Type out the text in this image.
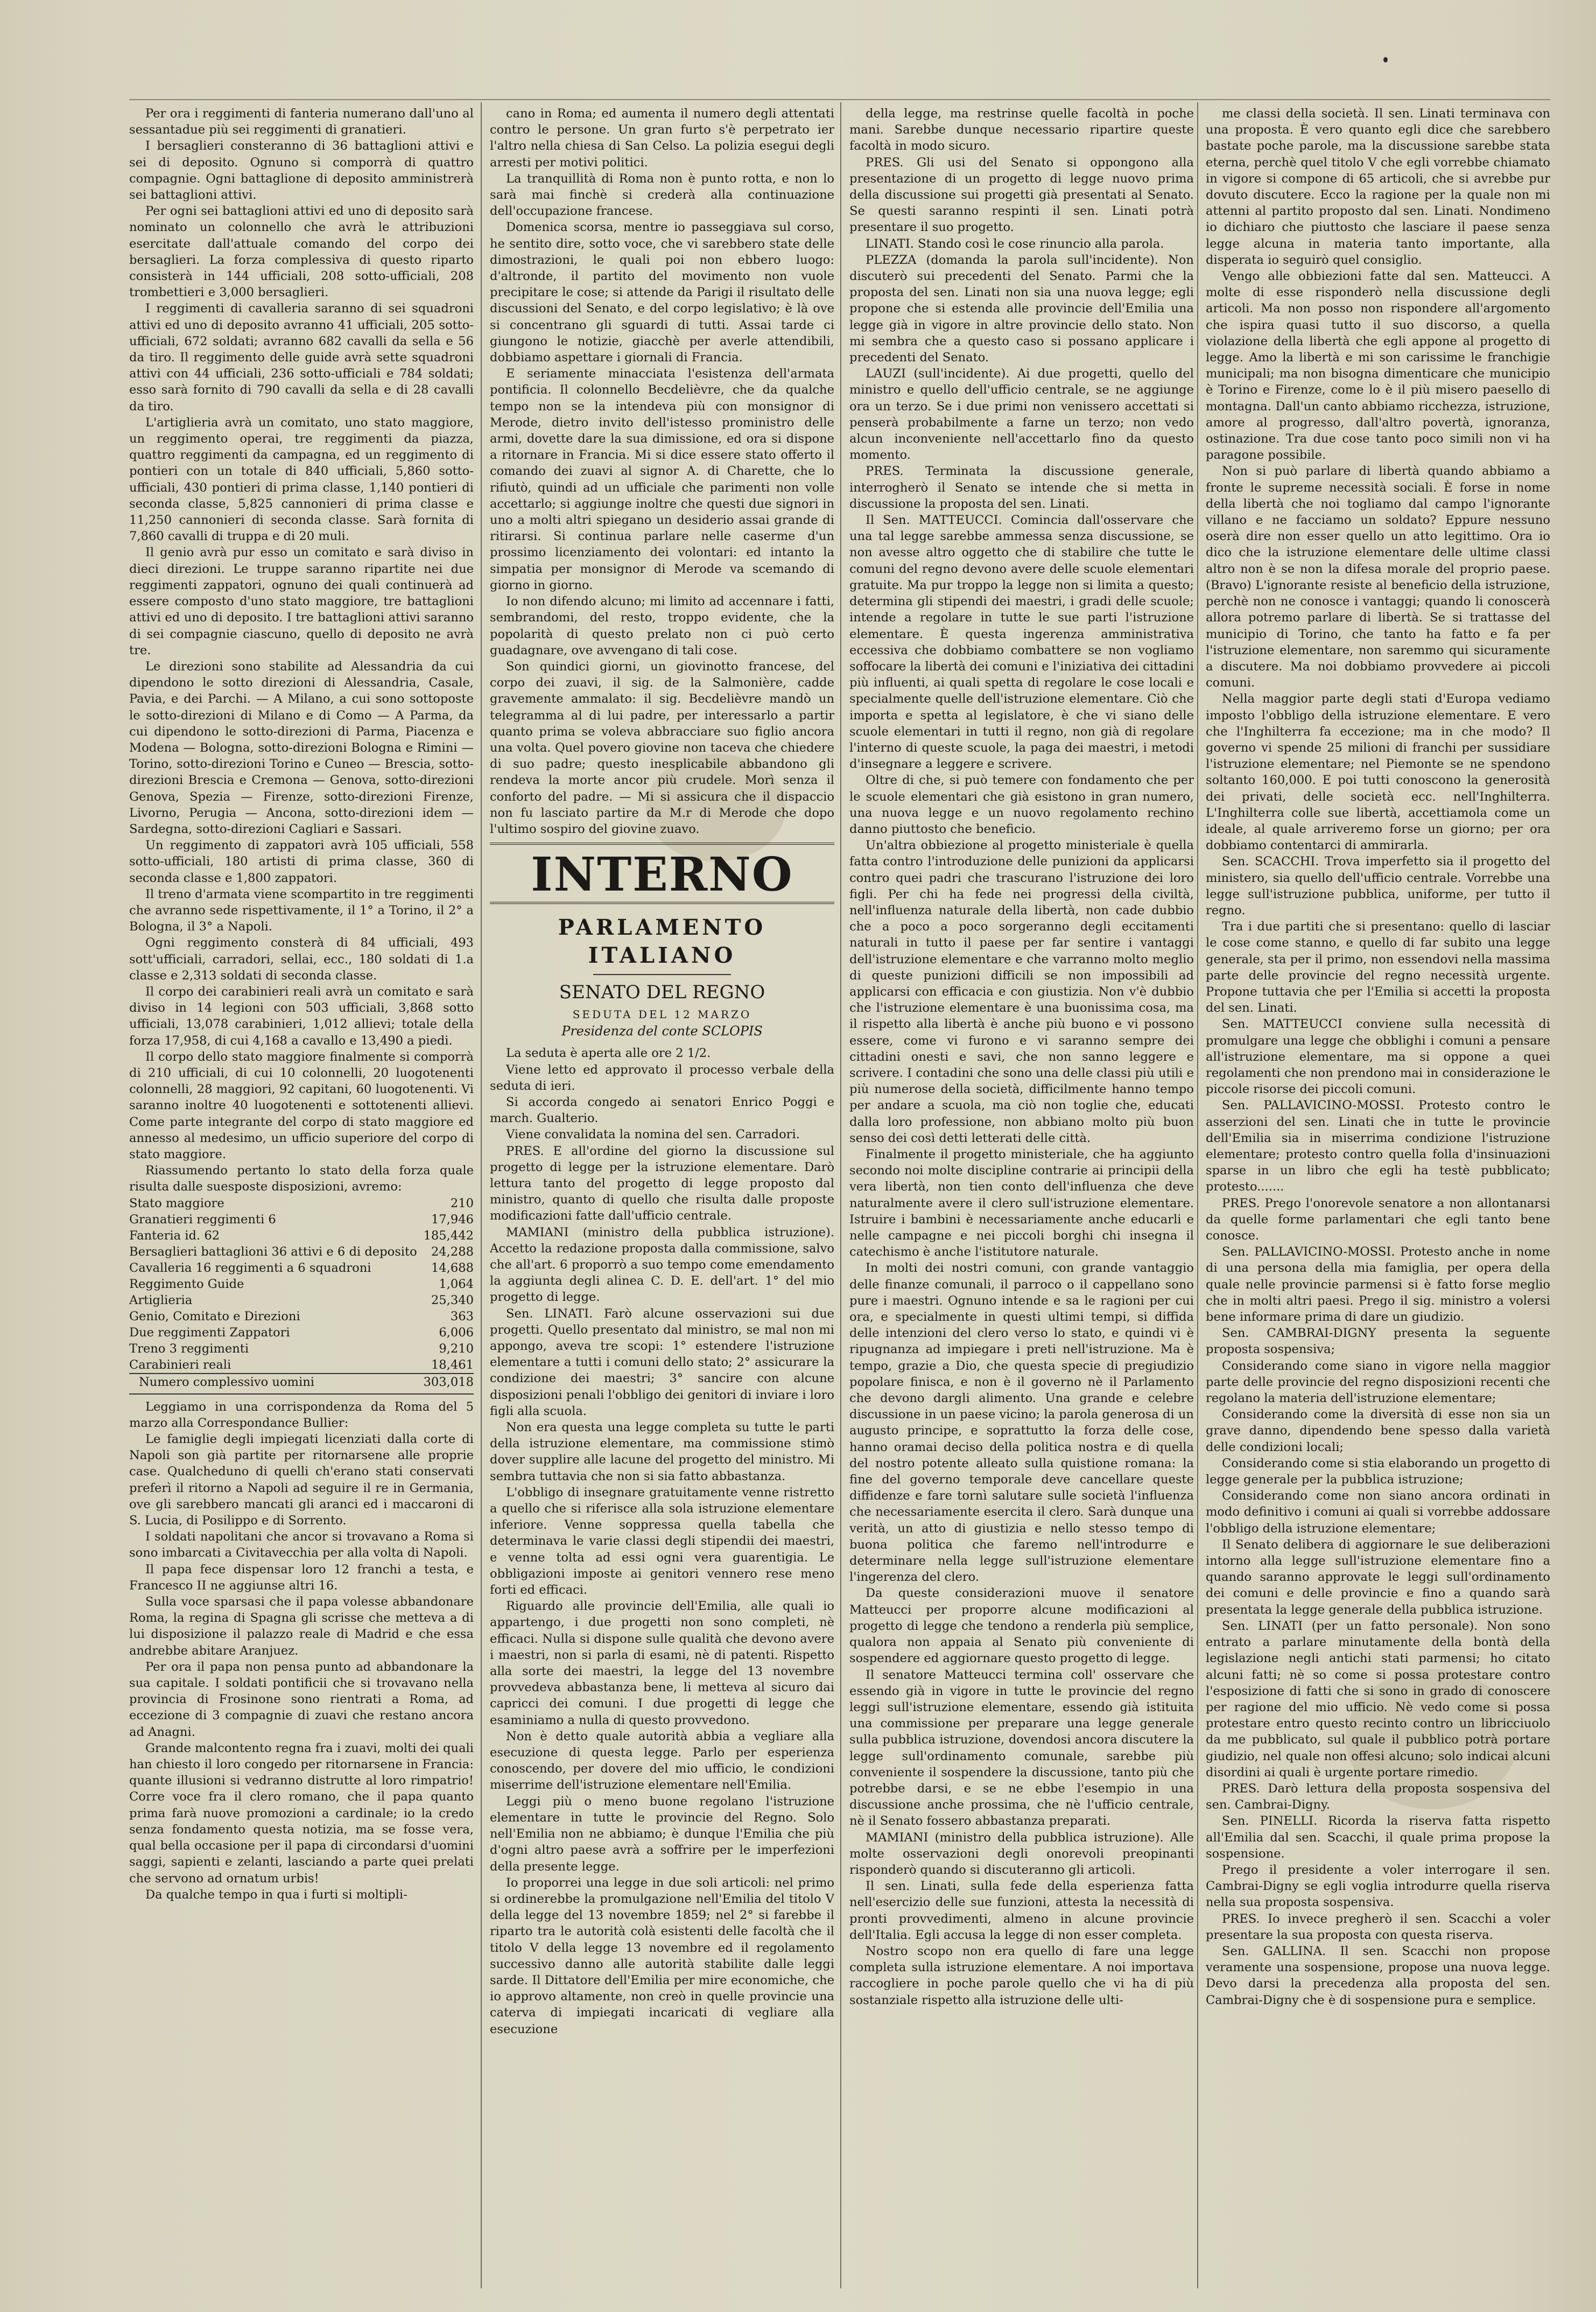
Per ora i reggimenti di fanteria numerano dall'uno al sessantadue più sei reggimenti di granatieri.

I bersaglieri consteranno di 36 battaglioni attivi e sei di deposito. Ognuno si comporrà di quattro compagnie. Ogni battaglione di deposito amministrerà sei battaglioni attivi.

Per ogni sei battaglioni attivi ed uno di deposito sarà nominato un colonnello che avrà le attribuzioni esercitate dall'attuale comando del corpo dei bersaglieri. La forza complessiva di questo riparto consisterà in 144 ufficiali, 208 sotto-ufficiali, 208 trombettieri e 3,000 bersaglieri.

I reggimenti di cavalleria saranno di sei squadroni attivi ed uno di deposito avranno 41 ufficiali, 205 sotto-ufficiali, 672 soldati; avranno 682 cavalli da sella e 56 da tiro. Il reggimento delle guide avrà sette squadroni attivi con 44 ufficiali, 236 sotto-ufficiali e 784 soldati; esso sarà fornito di 790 cavalli da sella e di 28 cavalli da tiro.

L'artiglieria avrà un comitato, uno stato maggiore, un reggimento operai, tre reggimenti da piazza, quattro reggimenti da campagna, ed un reggimento di pontieri con un totale di 840 ufficiali, 5,860 sotto-ufficiali, 430 pontieri di prima classe, 1,140 pontieri di seconda classe, 5,825 cannonieri di prima classe e 11,250 cannonieri di seconda classe. Sarà fornita di 7,860 cavalli di truppa e di 20 muli.

Il genio avrà pur esso un comitato e sarà diviso in dieci direzioni. Le truppe saranno ripartite nei due reggimenti zappatori, ognuno dei quali continuerà ad essere composto d'uno stato maggiore, tre battaglioni attivi ed uno di deposito. I tre battaglioni attivi saranno di sei compagnie ciascuno, quello di deposito ne avrà tre.

Le direzioni sono stabilite ad Alessandria da cui dipendono le sotto direzioni di Alessandria, Casale, Pavia, e dei Parchi. — A Milano, a cui sono sottoposte le sotto-direzioni di Milano e di Como — A Parma, da cui dipendono le sotto-direzioni di Parma, Piacenza e Modena — Bologna, sotto-direzioni Bologna e Rimini — Torino, sotto-direzioni Torino e Cuneo — Brescia, sotto-direzioni Brescia e Cremona — Genova, sotto-direzioni Genova, Spezia — Firenze, sotto-direzioni Firenze, Livorno, Perugia — Ancona, sotto-direzioni idem — Sardegna, sotto-direzioni Cagliari e Sassari.

Un reggimento di zappatori avrà 105 ufficiali, 558 sotto-ufficiali, 180 artisti di prima classe, 360 di seconda classe e 1,800 zappatori.

Il treno d'armata viene scompartito in tre reggimenti che avranno sede rispettivamente, il 1° a Torino, il 2° a Bologna, il 3° a Napoli.

Ogni reggimento consterà di 84 ufficiali, 493 sott'ufficiali, carradori, sellai, ecc., 180 soldati di 1.a classe e 2,313 soldati di seconda classe.

Il corpo dei carabinieri reali avrà un comitato e sarà diviso in 14 legioni con 503 ufficiali, 3,868 sotto ufficiali, 13,078 carabinieri, 1,012 allievi; totale della forza 17,958, di cui 4,168 a cavallo e 13,490 a piedi.

Il corpo dello stato maggiore finalmente si comporrà di 210 ufficiali, di cui 10 colonnelli, 20 luogotenenti colonnelli, 28 maggiori, 92 capitani, 60 luogotenenti. Vi saranno inoltre 40 luogotenenti e sottotenenti allievi. Come parte integrante del corpo di stato maggiore ed annesso al medesimo, un ufficio superiore del corpo di stato maggiore.

Riassumendo pertanto lo stato della forza quale risulta dalle suesposte disposizioni, avremo:

Stato maggiore	210
Granatieri reggimenti 6	17,946
Fanteria id. 62	185,442
Bersaglieri battaglioni 36 attivi e 6 di deposito	24,288
Cavalleria 16 reggimenti a 6 squadroni	14,688
Reggimento Guide	1,064
Artiglieria	25,340
Genio, Comitato e Direzioni	363
Due reggimenti Zappatori	6,006
Treno 3 reggimenti	9,210
Carabinieri reali	18,461
Numero complessivo uomini	303,018

Leggiamo in una corrispondenza da Roma del 5 marzo alla Correspondance Bullier:

Le famiglie degli impiegati licenziati dalla corte di Napoli son già partite per ritornarsene alle proprie case. Qualcheduno di quelli ch'erano stati conservati preferì il ritorno a Napoli ad seguire il re in Germania, ove gli sarebbero mancati gli aranci ed i maccaroni di S. Lucia, di Posilippo e di Sorrento.

I soldati napolitani che ancor si trovavano a Roma si sono imbarcati a Civitavecchia per alla volta di Napoli.

Il papa fece dispensar loro 12 franchi a testa, e Francesco II ne aggiunse altri 16.

Sulla voce sparsasi che il papa volesse abbandonare Roma, la regina di Spagna gli scrisse che metteva a di lui disposizione il palazzo reale di Madrid e che essa andrebbe abitare Aranjuez.

Per ora il papa non pensa punto ad abbandonare la sua capitale. I soldati pontificii che si trovavano nella provincia di Frosinone sono rientrati a Roma, ad eccezione di 3 compagnie di zuavi che restano ancora ad Anagni.

Grande malcontento regna fra i zuavi, molti dei quali han chiesto il loro congedo per ritornarsene in Francia: quante illusioni si vedranno distrutte al loro rimpatrio! Corre voce fra il clero romano, che il papa quanto prima farà nuove promozioni a cardinale; io la credo senza fondamento questa notizia, ma se fosse vera, qual bella occasione per il papa di circondarsi d'uomini saggi, sapienti e zelanti, lasciando a parte quei prelati che servono ad ornatum urbis!

Da qualche tempo in qua i furti si moltipli-

cano in Roma; ed aumenta il numero degli attentati contro le persone. Un gran furto s'è perpetrato ier l'altro nella chiesa di San Celso. La polizia esegui degli arresti per motivi politici.

La tranquillità di Roma non è punto rotta, e non lo sarà mai finchè si crederà alla continuazione dell'occupazione francese.

Domenica scorsa, mentre io passeggiava sul corso, he sentito dire, sotto voce, che vi sarebbero state delle dimostrazioni, le quali poi non ebbero luogo: d'altronde, il partito del movimento non vuole precipitare le cose; si attende da Parigi il risultato delle discussioni del Senato, e del corpo legislativo; è là ove si concentrano gli sguardi di tutti. Assai tarde ci giungono le notizie, giacchè per averle attendibili, dobbiamo aspettare i giornali di Francia.

E seriamente minacciata l'esistenza dell'armata pontificia. Il colonnello Becdelièvre, che da qualche tempo non se la intendeva più con monsignor di Merode, dietro invito dell'istesso proministro delle armi, dovette dare la sua dimissione, ed ora si dispone a ritornare in Francia. Mi si dice essere stato offerto il comando dei zuavi al signor A. di Charette, che lo rifiutò, quindi ad un ufficiale che parimenti non volle accettarlo; si aggiunge inoltre che questi due signori in uno a molti altri spiegano un desiderio assai grande di ritirarsi. Si continua parlare nelle caserme d'un prossimo licenziamento dei volontari: ed intanto la simpatia per monsignor di Merode va scemando di giorno in giorno.

Io non difendo alcuno; mi limito ad accennare i fatti, sembrandomi, del resto, troppo evidente, che la popolarità di questo prelato non ci può certo guadagnare, ove avvengano di tali cose.

Son quindici giorni, un giovinotto francese, del corpo dei zuavi, il sig. de la Salmonière, cadde gravemente ammalato: il sig. Becdelièvre mandò un telegramma al di lui padre, per interessarlo a partir quanto prima se voleva abbracciare suo figlio ancora una volta. Quel povero giovine non taceva che chiedere di suo padre; questo inesplicabile abbandono gli rendeva la morte ancor più crudele. Morì senza il conforto del padre. — Mi si assicura che il dispaccio non fu lasciato partire da M.r di Merode che dopo l'ultimo sospiro del giovine zuavo.

INTERNO
PARLAMENTO ITALIANO
SENATO DEL REGNO
SEDUTA DEL 12 MARZO
Presidenza del conte SCLOPIS

La seduta è aperta alle ore 2 1/2.

Viene letto ed approvato il processo verbale della seduta di ieri.

Si accorda congedo ai senatori Enrico Poggi e march. Gualterio.

Viene convalidata la nomina del sen. Carradori.

PRES. E all'ordine del giorno la discussione sul progetto di legge per la istruzione elementare. Darò lettura tanto del progetto di legge proposto dal ministro, quanto di quello che risulta dalle proposte modificazioni fatte dall'ufficio centrale.

MAMIANI (ministro della pubblica istruzione). Accetto la redazione proposta dalla commissione, salvo che all'art. 6 proporrò a suo tempo come emendamento la aggiunta degli alinea C. D. E. dell'art. 1° del mio progetto di legge.

Sen. LINATI. Farò alcune osservazioni sui due progetti. Quello presentato dal ministro, se mal non mi appongo, aveva tre scopi: 1° estendere l'istruzione elementare a tutti i comuni dello stato; 2° assicurare la condizione dei maestri; 3° sancire con alcune disposizioni penali l'obbligo dei genitori di inviare i loro figli alla scuola.

Non era questa una legge completa su tutte le parti della istruzione elementare, ma commissione stimò dover supplire alle lacune del progetto del ministro. Mi sembra tuttavia che non si sia fatto abbastanza.

L'obbligo di insegnare gratuitamente venne ristretto a quello che si riferisce alla sola istruzione elementare inferiore. Venne soppressa quella tabella che determinava le varie classi degli stipendii dei maestri, e venne tolta ad essi ogni vera guarentigia. Le obbligazioni imposte ai genitori vennero rese meno forti ed efficaci.

Riguardo alle provincie dell'Emilia, alle quali io appartengo, i due progetti non sono completi, nè efficaci. Nulla si dispone sulle qualità che devono avere i maestri, non si parla di esami, nè di patenti. Rispetto alla sorte dei maestri, la legge del 13 novembre provvedeva abbastanza bene, li metteva al sicuro dai capricci dei comuni. I due progetti di legge che esaminiamo a nulla di questo provvedono.

Non è detto quale autorità abbia a vegliare alla esecuzione di questa legge. Parlo per esperienza conoscendo, per dovere del mio ufficio, le condizioni miserrime dell'istruzione elementare nell'Emilia.

Leggi più o meno buone regolano l'istruzione elementare in tutte le provincie del Regno. Solo nell'Emilia non ne abbiamo; è dunque l'Emilia che più d'ogni altro paese avrà a soffrire per le imperfezioni della presente legge.

Io proporrei una legge in due soli articoli: nel primo si ordinerebbe la promulgazione nell'Emilia del titolo V della legge del 13 novembre 1859; nel 2° si farebbe il riparto tra le autorità colà esistenti delle facoltà che il titolo V della legge 13 novembre ed il regolamento successivo danno alle autorità stabilite dalle leggi sarde. Il Dittatore dell'Emilia per mire economiche, che io approvo altamente, non creò in quelle provincie una caterva di impiegati incaricati di vegliare alla esecuzione

della legge, ma restrinse quelle facoltà in poche mani. Sarebbe dunque necessario ripartire queste facoltà in modo sicuro.

PRES. Gli usi del Senato si oppongono alla presentazione di un progetto di legge nuovo prima della discussione sui progetti già presentati al Senato. Se questi saranno respinti il sen. Linati potrà presentare il suo progetto.

LINATI. Stando così le cose rinuncio alla parola.

PLEZZA (domanda la parola sull'incidente). Non discuterò sui precedenti del Senato. Parmi che la proposta del sen. Linati non sia una nuova legge; egli propone che si estenda alle provincie dell'Emilia una legge già in vigore in altre provincie dello stato. Non mi sembra che a questo caso si possano applicare i precedenti del Senato.

LAUZI (sull'incidente). Ai due progetti, quello del ministro e quello dell'ufficio centrale, se ne aggiunge ora un terzo. Se i due primi non venissero accettati si penserà probabilmente a farne un terzo; non vedo alcun inconveniente nell'accettarlo fino da questo momento.

PRES. Terminata la discussione generale, interrogherò il Senato se intende che si metta in discussione la proposta del sen. Linati.

Il Sen. MATTEUCCI. Comincia dall'osservare che una tal legge sarebbe ammessa senza discussione, se non avesse altro oggetto che di stabilire che tutte le comuni del regno devono avere delle scuole elementari gratuite. Ma pur troppo la legge non si limita a questo; determina gli stipendi dei maestri, i gradi delle scuole; intende a regolare in tutte le sue parti l'istruzione elementare. È questa ingerenza amministrativa eccessiva che dobbiamo combattere se non vogliamo soffocare la libertà dei comuni e l'iniziativa dei cittadini più influenti, ai quali spetta di regolare le cose locali e specialmente quelle dell'istruzione elementare. Ciò che importa e spetta al legislatore, è che vi siano delle scuole elementari in tutti il regno, non già di regolare l'interno di queste scuole, la paga dei maestri, i metodi d'insegnare a leggere e scrivere.

Oltre di che, si può temere con fondamento che per le scuole elementari che già esistono in gran numero, una nuova legge e un nuovo regolamento rechino danno piuttosto che beneficio.

Un'altra obbiezione al progetto ministeriale è quella fatta contro l'introduzione delle punizioni da applicarsi contro quei padri che trascurano l'istruzione dei loro figli. Per chi ha fede nei progressi della civiltà, nell'influenza naturale della libertà, non cade dubbio che a poco a poco sorgeranno degli eccitamenti naturali in tutto il paese per far sentire i vantaggi dell'istruzione elementare e che varranno molto meglio di queste punizioni difficili se non impossibili ad applicarsi con efficacia e con giustizia. Non v'è dubbio che l'istruzione elementare è una buonissima cosa, ma il rispetto alla libertà è anche più buono e vi possono essere, come vi furono e vi saranno sempre dei cittadini onesti e savi, che non sanno leggere e scrivere. I contadini che sono una delle classi più utili e più numerose della società, difficilmente hanno tempo per andare a scuola, ma ciò non toglie che, educati dalla loro professione, non abbiano molto più buon senso dei così detti letterati delle città.

Finalmente il progetto ministeriale, che ha aggiunto secondo noi molte discipline contrarie ai principii della vera libertà, non tien conto dell'influenza che deve naturalmente avere il clero sull'istruzione elementare. Istruire i bambini è necessariamente anche educarli e nelle campagne e nei piccoli borghi chi insegna il catechismo è anche l'istitutore naturale.

In molti dei nostri comuni, con grande vantaggio delle finanze comunali, il parroco o il cappellano sono pure i maestri. Ognuno intende e sa le ragioni per cui ora, e specialmente in questi ultimi tempi, si diffida delle intenzioni del clero verso lo stato, e quindi vi è ripugnanza ad impiegare i preti nell'istruzione. Ma è tempo, grazie a Dio, che questa specie di pregiudizio popolare finisca, e non è il governo nè il Parlamento che devono dargli alimento. Una grande e celebre discussione in un paese vicino; la parola generosa di un augusto principe, e soprattutto la forza delle cose, hanno oramai deciso della politica nostra e di quella del nostro potente alleato sulla quistione romana: la fine del governo temporale deve cancellare queste diffidenze e fare tornì salutare sulle società l'influenza che necessariamente esercita il clero. Sarà dunque una verità, un atto di giustizia e nello stesso tempo di buona politica che faremo nell'introdurre e determinare nella legge sull'istruzione elementare l'ingerenza del clero.

Da queste considerazioni muove il senatore Matteucci per proporre alcune modificazioni al progetto di legge che tendono a renderla più semplice, qualora non appaia al Senato più conveniente di sospendere ed aggiornare questo progetto di legge.

Il senatore Matteucci termina coll' osservare che essendo già in vigore in tutte le provincie del regno leggi sull'istruzione elementare, essendo già istituita una commissione per preparare una legge generale sulla pubblica istruzione, dovendosi ancora discutere la legge sull'ordinamento comunale, sarebbe più conveniente il sospendere la discussione, tanto più che potrebbe darsi, e se ne ebbe l'esempio in una discussione anche prossima, che nè l'ufficio centrale, nè il Senato fossero abbastanza preparati.

MAMIANI (ministro della pubblica istruzione). Alle molte osservazioni degli onorevoli preopinanti risponderò quando si discuteranno gli articoli.

Il sen. Linati, sulla fede della esperienza fatta nell'esercizio delle sue funzioni, attesta la necessità di pronti provvedimenti, almeno in alcune provincie dell'Italia. Egli accusa la legge di non esser completa.

Nostro scopo non era quello di fare una legge completa sulla istruzione elementare. A noi importava raccogliere in poche parole quello che vi ha di più sostanziale rispetto alla istruzione delle ulti-

me classi della società. Il sen. Linati terminava con una proposta. È vero quanto egli dice che sarebbero bastate poche parole, ma la discussione sarebbe stata eterna, perchè quel titolo V che egli vorrebbe chiamato in vigore si compone di 65 articoli, che si avrebbe pur dovuto discutere. Ecco la ragione per la quale non mi attenni al partito proposto dal sen. Linati. Nondimeno io dichiaro che piuttosto che lasciare il paese senza legge alcuna in materia tanto importante, alla disperata io seguirò quel consiglio.

Vengo alle obbiezioni fatte dal sen. Matteucci. A molte di esse risponderò nella discussione degli articoli. Ma non posso non rispondere all'argomento che ispira quasi tutto il suo discorso, a quella violazione della libertà che egli appone al progetto di legge. Amo la libertà e mi son carissime le franchigie municipali; ma non bisogna dimenticare che municipio è Torino e Firenze, come lo è il più misero paesello di montagna. Dall'un canto abbiamo ricchezza, istruzione, amore al progresso, dall'altro povertà, ignoranza, ostinazione. Tra due cose tanto poco simili non vi ha paragone possibile.

Non si può parlare di libertà quando abbiamo a fronte le supreme necessità sociali. È forse in nome della libertà che noi togliamo dal campo l'ignorante villano e ne facciamo un soldato? Eppure nessuno oserà dire non esser quello un atto legittimo. Ora io dico che la istruzione elementare delle ultime classi altro non è se non la difesa morale del proprio paese. (Bravo) L'ignorante resiste al beneficio della istruzione, perchè non ne conosce i vantaggi; quando li conoscerà allora potremo parlare di libertà. Se si trattasse del municipio di Torino, che tanto ha fatto e fa per l'istruzione elementare, non saremmo qui sicuramente a discutere. Ma noi dobbiamo provvedere ai piccoli comuni.

Nella maggior parte degli stati d'Europa vediamo imposto l'obbligo della istruzione elementare. E vero che l'Inghilterra fa eccezione; ma in che modo? Il governo vi spende 25 milioni di franchi per sussidiare l'istruzione elementare; nel Piemonte se ne spendono soltanto 160,000. E poi tutti conoscono la generosità dei privati, delle società ecc. nell'Inghilterra. L'Inghilterra colle sue libertà, accettiamola come un ideale, al quale arriveremo forse un giorno; per ora dobbiamo contentarci di ammirarla.

Sen. SCACCHI. Trova imperfetto sia il progetto del ministero, sia quello dell'ufficio centrale. Vorrebbe una legge sull'istruzione pubblica, uniforme, per tutto il regno.

Tra i due partiti che si presentano: quello di lasciar le cose come stanno, e quello di far subito una legge generale, sta per il primo, non essendovi nella massima parte delle provincie del regno necessità urgente. Propone tuttavia che per l'Emilia si accetti la proposta del sen. Linati.

Sen. MATTEUCCI conviene sulla necessità di promulgare una legge che obblighi i comuni a pensare all'istruzione elementare, ma si oppone a quei regolamenti che non prendono mai in considerazione le piccole risorse dei piccoli comuni.

Sen. PALLAVICINO-MOSSI. Protesto contro le asserzioni del sen. Linati che in tutte le provincie dell'Emilia sia in miserrima condizione l'istruzione elementare; protesto contro quella folla d'insinuazioni sparse in un libro che egli ha testè pubblicato; protesto.......

PRES. Prego l'onorevole senatore a non allontanarsi da quelle forme parlamentari che egli tanto bene conosce.

Sen. PALLAVICINO-MOSSI. Protesto anche in nome di una persona della mia famiglia, per opera della quale nelle provincie parmensi si è fatto forse meglio che in molti altri paesi. Prego il sig. ministro a volersi bene informare prima di dare un giudizio.

Sen. CAMBRAI-DIGNY presenta la seguente proposta sospensiva;

Considerando come siano in vigore nella maggior parte delle provincie del regno disposizioni recenti che regolano la materia dell'istruzione elementare;

Considerando come la diversità di esse non sia un grave danno, dipendendo bene spesso dalla varietà delle condizioni locali;

Considerando come si stia elaborando un progetto di legge generale per la pubblica istruzione;

Considerando come non siano ancora ordinati in modo definitivo i comuni ai quali si vorrebbe addossare l'obbligo della istruzione elementare;

Il Senato delibera di aggiornare le sue deliberazioni intorno alla legge sull'istruzione elementare fino a quando saranno approvate le leggi sull'ordinamento dei comuni e delle provincie e fino a quando sarà presentata la legge generale della pubblica istruzione.

Sen. LINATI (per un fatto personale). Non sono entrato a parlare minutamente della bontà della legislazione negli antichi stati parmensi; ho citato alcuni fatti; nè so come si possa protestare contro l'esposizione di fatti che si sono in grado di conoscere per ragione del mio ufficio. Nè vedo come si possa protestare entro questo recinto contro un libricciuolo da me pubblicato, sul quale il pubblico potrà portare giudizio, nel quale non offesi alcuno; solo indicai alcuni disordini ai quali è urgente portare rimedio.

PRES. Darò lettura della proposta sospensiva del sen. Cambrai-Digny.

Sen. PINELLI. Ricorda la riserva fatta rispetto all'Emilia dal sen. Scacchi, il quale prima propose la sospensione.

Prego il presidente a voler interrogare il sen. Cambrai-Digny se egli voglia introdurre quella riserva nella sua proposta sospensiva.

PRES. Io invece pregherò il sen. Scacchi a voler presentare la sua proposta con questa riserva.

Sen. GALLINA. Il sen. Scacchi non propose veramente una sospensione, propose una nuova legge. Devo darsi la precedenza alla proposta del sen. Cambrai-Digny che è di sospensione pura e semplice.
